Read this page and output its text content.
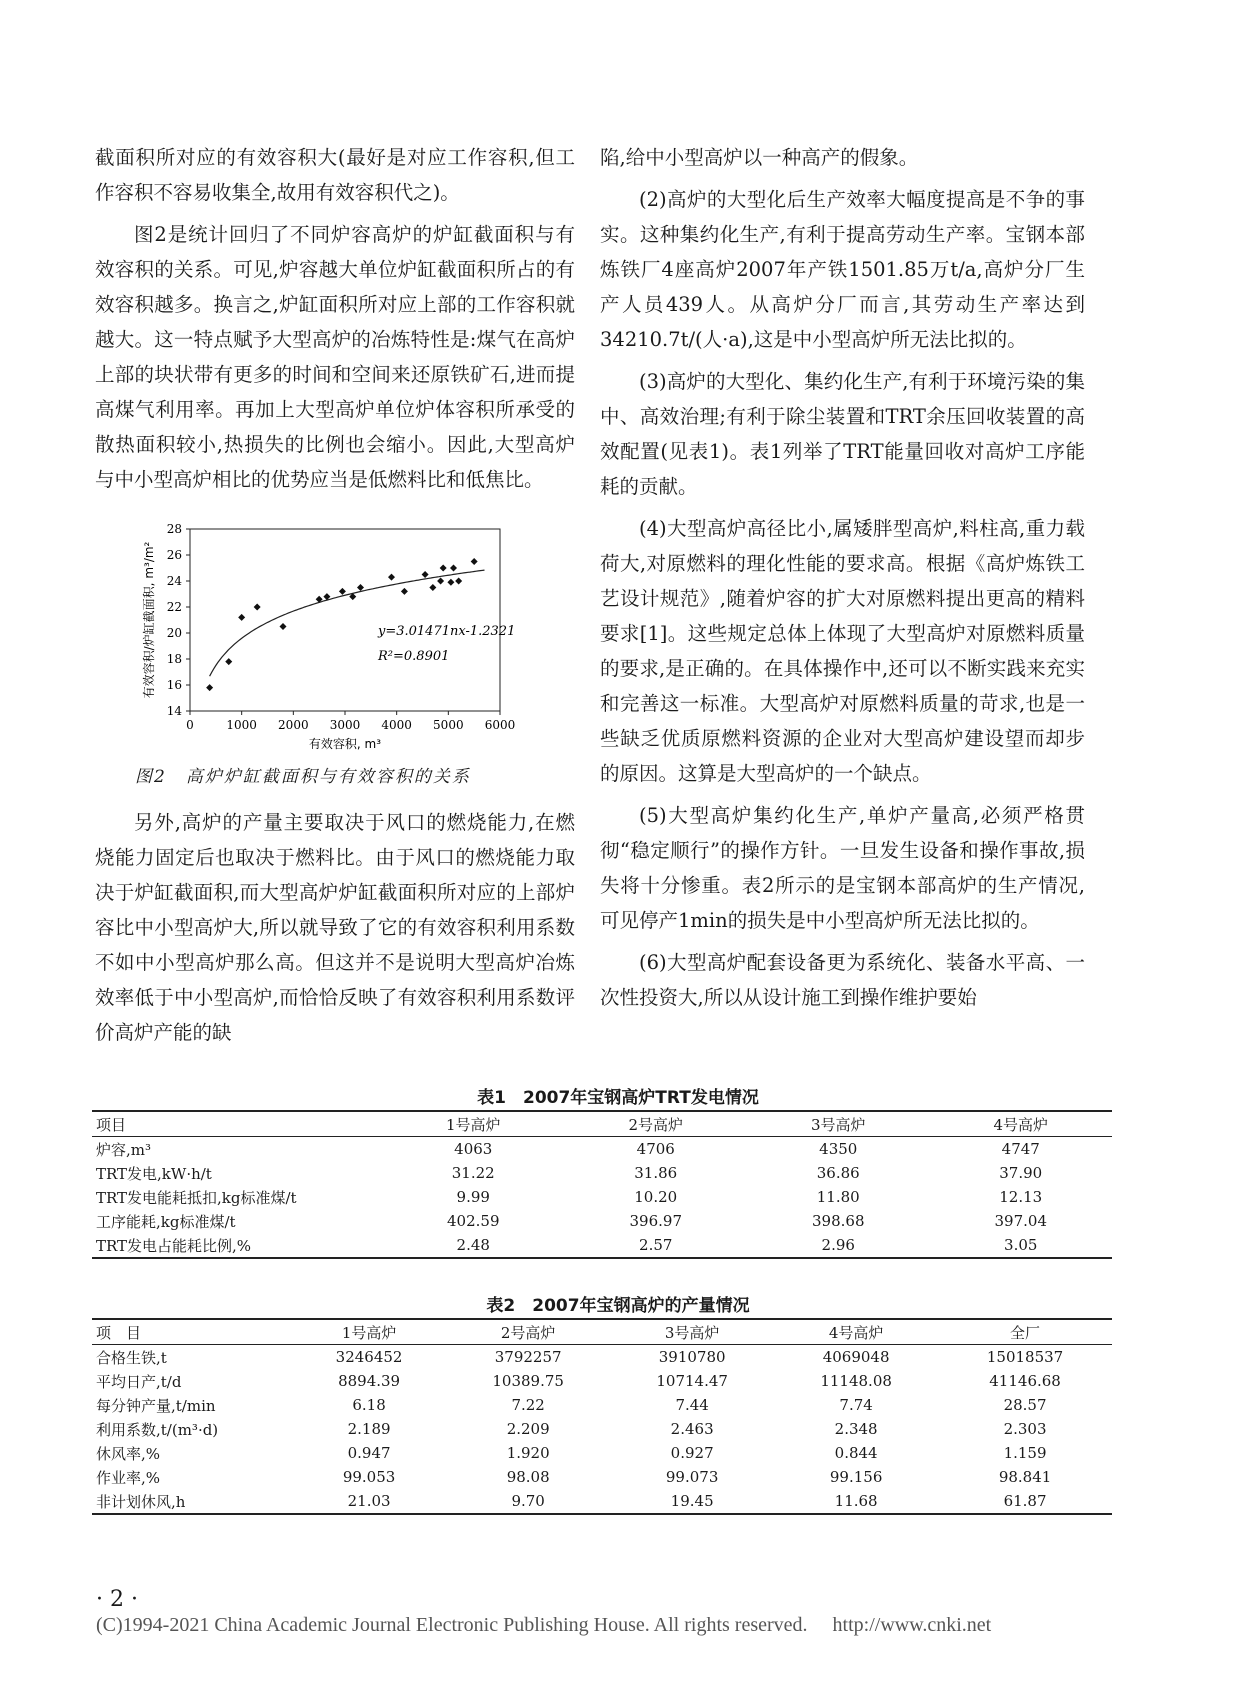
截面积所对应的有效容积大(最好是对应工作容积,但工作容积不容易收集全,故用有效容积代之)。

图2是统计回归了不同炉容高炉的炉缸截面积与有效容积的关系。可见,炉容越大单位炉缸截面积所占的有效容积越多。换言之,炉缸面积所对应上部的工作容积就越大。这一特点赋予大型高炉的冶炼特性是:煤气在高炉上部的块状带有更多的时间和空间来还原铁矿石,进而提高煤气利用率。再加上大型高炉单位炉体容积所承受的散热面积较小,热损失的比例也会缩小。因此,大型高炉与中小型高炉相比的优势应当是低燃料比和低焦比。

14
16
18
20
22
24
26
28
0	1000 2000 3000 4000 5000 6000
y=3.01471nx-1.2321
R²=0.8901
有效容积, m³
有效容积/炉缸截面积, m³/m²
图2　高炉炉缸截面积与有效容积的关系

另外,高炉的产量主要取决于风口的燃烧能力,在燃烧能力固定后也取决于燃料比。由于风口的燃烧能力取决于炉缸截面积,而大型高炉炉缸截面积所对应的上部炉容比中小型高炉大,所以就导致了它的有效容积利用系数不如中小型高炉那么高。但这并不是说明大型高炉冶炼效率低于中小型高炉,而恰恰反映了有效容积利用系数评价高炉产能的缺

陷,给中小型高炉以一种高产的假象。

(2)高炉的大型化后生产效率大幅度提高是不争的事实。这种集约化生产,有利于提高劳动生产率。宝钢本部炼铁厂4座高炉2007年产铁1501.85万t/a,高炉分厂生产人员439人。从高炉分厂而言,其劳动生产率达到34210.7t/(人·a),这是中小型高炉所无法比拟的。

(3)高炉的大型化、集约化生产,有利于环境污染的集中、高效治理;有利于除尘装置和TRT余压回收装置的高效配置(见表1)。表1列举了TRT能量回收对高炉工序能耗的贡献。

(4)大型高炉高径比小,属矮胖型高炉,料柱高,重力载荷大,对原燃料的理化性能的要求高。根据《高炉炼铁工艺设计规范》,随着炉容的扩大对原燃料提出更高的精料要求[1]。这些规定总体上体现了大型高炉对原燃料质量的要求,是正确的。在具体操作中,还可以不断实践来充实和完善这一标准。大型高炉对原燃料质量的苛求,也是一些缺乏优质原燃料资源的企业对大型高炉建设望而却步的原因。这算是大型高炉的一个缺点。

(5)大型高炉集约化生产,单炉产量高,必须严格贯彻“稳定顺行”的操作方针。一旦发生设备和操作事故,损失将十分惨重。表2所示的是宝钢本部高炉的生产情况,可见停产1min的损失是中小型高炉所无法比拟的。

(6)大型高炉配套设备更为系统化、装备水平高、一次性投资大,所以从设计施工到操作维护要始

表1　2007年宝钢高炉TRT发电情况
项目	1号高炉	2号高炉	3号高炉	4号高炉
炉容,m³	4063	4706	4350	4747
TRT发电,kW·h/t	31.22	31.86	36.86	37.90
TRT发电能耗抵扣,kg标准煤/t	9.99	10.20	11.80	12.13
工序能耗,kg标准煤/t	402.59	396.97	398.68	397.04
TRT发电占能耗比例,%	2.48	2.57	2.96	3.05
表2　2007年宝钢高炉的产量情况
项　目	1号高炉	2号高炉	3号高炉	4号高炉	全厂
合格生铁,t	3246452	3792257	3910780	4069048	15018537
平均日产,t/d	8894.39	10389.75	10714.47	11148.08	41146.68
每分钟产量,t/min	6.18	7.22	7.44	7.74	28.57
利用系数,t/(m³·d)	2.189	2.209	2.463	2.348	2.303
休风率,%	0.947	1.920	0.927	0.844	1.159
作业率,%	99.053	98.08	99.073	99.156	98.841
非计划休风,h	21.03	9.70	19.45	11.68	61.87
· 2 ·
(C)1994-2021 China Academic Journal Electronic Publishing House. All rights reserved. http://www.cnki.net
